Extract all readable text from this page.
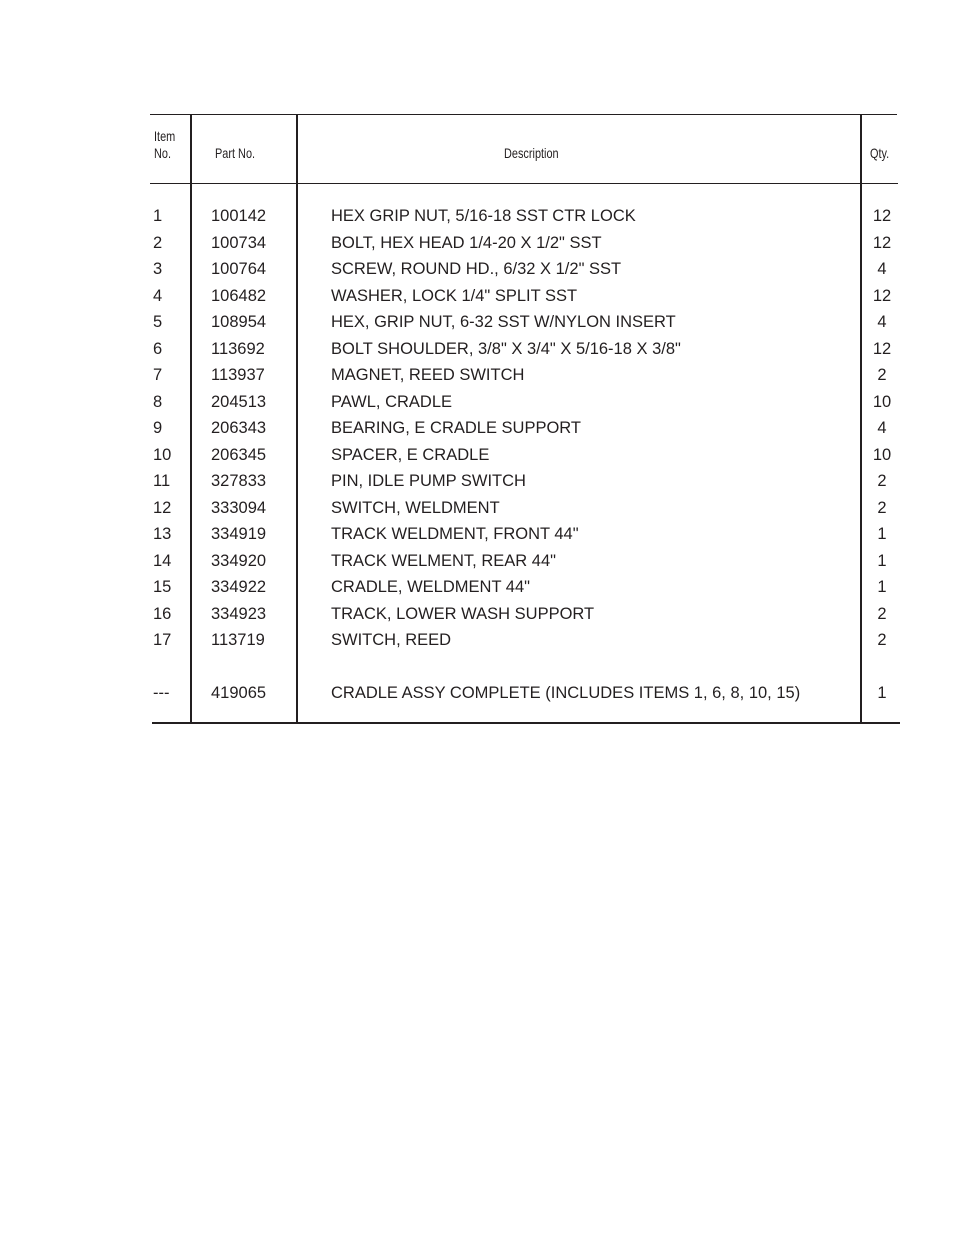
Item
No.	Part No.	Description	Qty.
1	100142	HEX GRIP NUT, 5/16-18 SST CTR LOCK	12
2	100734	BOLT, HEX HEAD 1/4-20 X 1/2" SST	12
3	100764	SCREW, ROUND HD., 6/32 X 1/2" SST	4
4	106482	WASHER, LOCK 1/4" SPLIT SST	12
5	108954	HEX, GRIP NUT, 6-32 SST W/NYLON INSERT	4
6	113692	BOLT SHOULDER, 3/8" X 3/4" X 5/16-18 X 3/8"	12
7	113937	MAGNET, REED SWITCH	2
8	204513	PAWL, CRADLE	10
9	206343	BEARING, E CRADLE SUPPORT	4
10 206345	SPACER, E CRADLE	10
11 327833	PIN, IDLE PUMP SWITCH	2
12 333094	SWITCH, WELDMENT	2
13 334919	TRACK WELDMENT, FRONT 44"	1
14 334920	TRACK WELMENT, REAR 44"	1
15 334922	CRADLE, WELDMENT 44"	1
16 334923	TRACK, LOWER WASH SUPPORT	2
17 113719	SWITCH, REED	2
---	419065	CRADLE ASSY COMPLETE (INCLUDES ITEMS 1, 6, 8, 10, 15)	1
